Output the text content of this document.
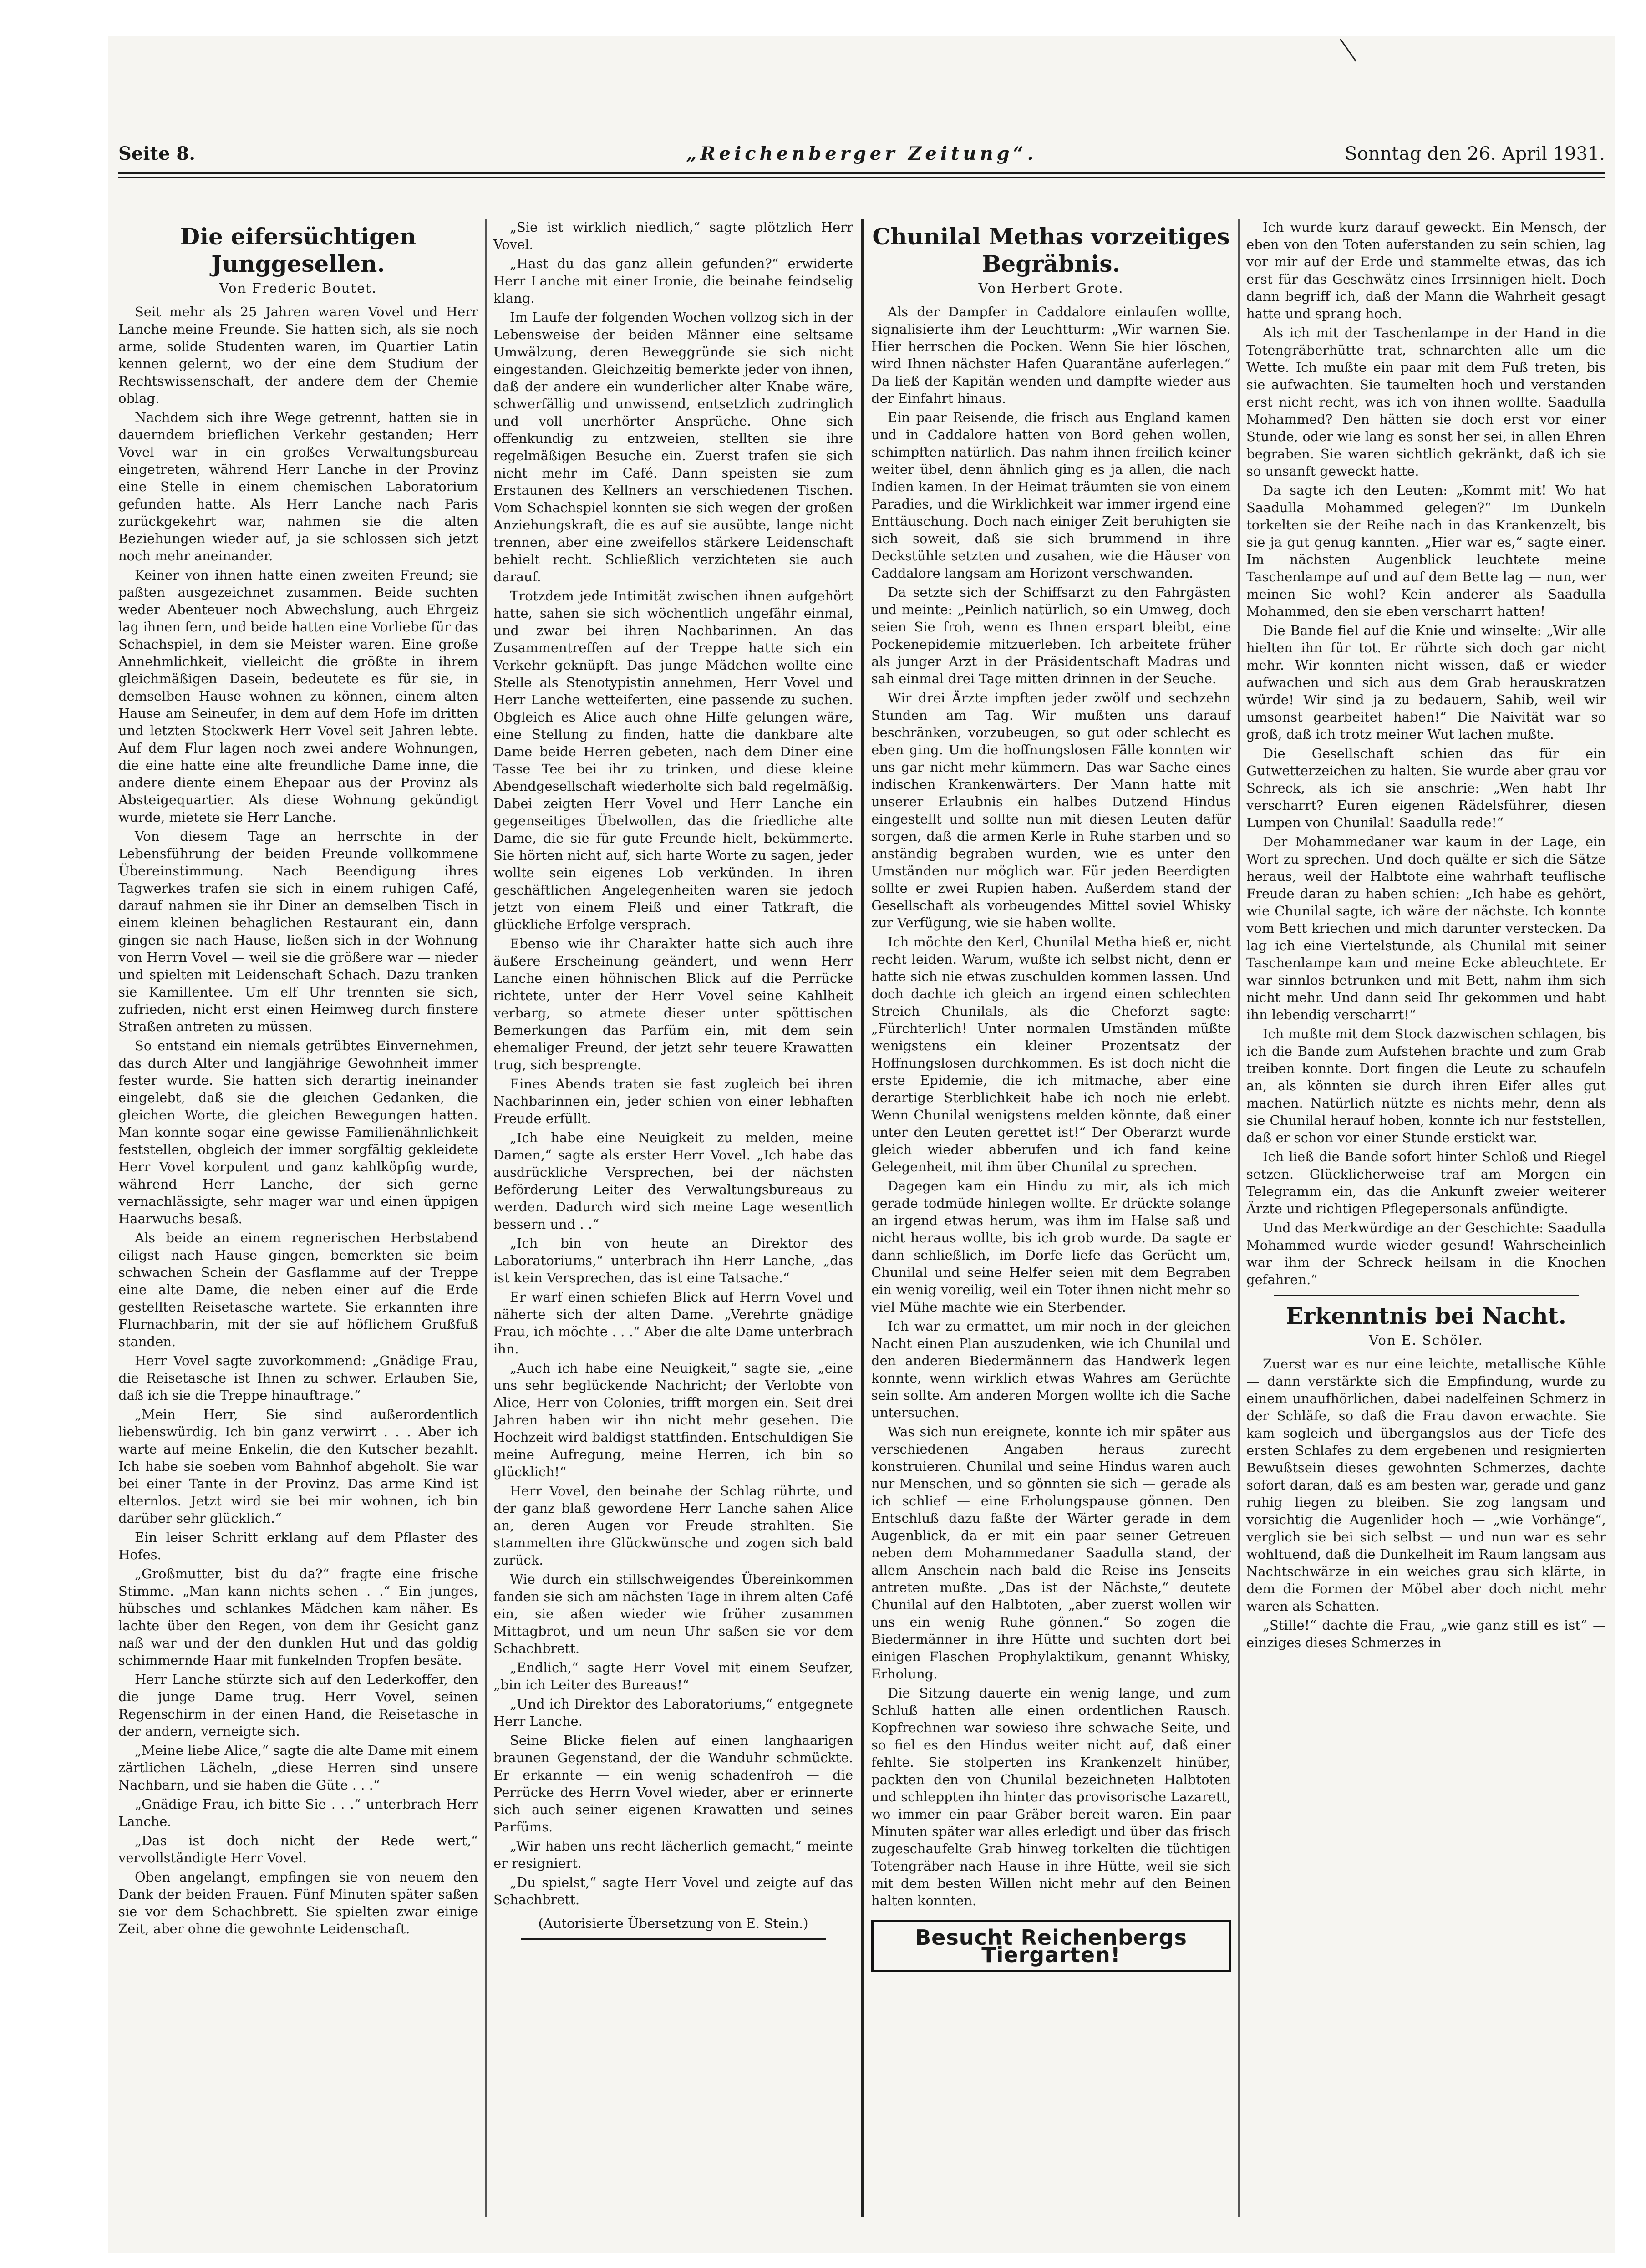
Seite 8.	„Reichenberger Zeitung“.	Sonntag den 26. April 1931.
Die eifersüchtigen Junggesellen.
Von Frederic Boutet.

Seit mehr als 25 Jahren waren Vovel und Herr Lanche meine Freunde. Sie hatten sich, als sie noch arme, solide Studenten waren, im Quartier Latin kennen gelernt, wo der eine dem Studium der Rechtswissenschaft, der andere dem der Chemie oblag.

Nachdem sich ihre Wege getrennt, hatten sie in dauerndem brieflichen Verkehr gestanden; Herr Vovel war in ein großes Verwaltungsbureau eingetreten, während Herr Lanche in der Provinz eine Stelle in einem chemischen Laboratorium gefunden hatte. Als Herr Lanche nach Paris zurückgekehrt war, nahmen sie die alten Beziehungen wieder auf, ja sie schlossen sich jetzt noch mehr aneinander.

Keiner von ihnen hatte einen zweiten Freund; sie paßten ausgezeichnet zusammen. Beide suchten weder Abenteuer noch Abwechslung, auch Ehrgeiz lag ihnen fern, und beide hatten eine Vorliebe für das Schachspiel, in dem sie Meister waren. Eine große Annehmlichkeit, vielleicht die größte in ihrem gleichmäßigen Dasein, bedeutete es für sie, in demselben Hause wohnen zu können, einem alten Hause am Seineufer, in dem auf dem Hofe im dritten und letzten Stockwerk Herr Vovel seit Jahren lebte. Auf dem Flur lagen noch zwei andere Wohnungen, die eine hatte eine alte freundliche Dame inne, die andere diente einem Ehepaar aus der Provinz als Absteigequartier. Als diese Wohnung gekündigt wurde, mietete sie Herr Lanche.

Von diesem Tage an herrschte in der Lebensführung der beiden Freunde vollkommene Übereinstimmung. Nach Beendigung ihres Tagwerkes trafen sie sich in einem ruhigen Café, darauf nahmen sie ihr Diner an demselben Tisch in einem kleinen behaglichen Restaurant ein, dann gingen sie nach Hause, ließen sich in der Wohnung von Herrn Vovel — weil sie die größere war — nieder und spielten mit Leidenschaft Schach. Dazu tranken sie Kamillentee. Um elf Uhr trennten sie sich, zufrieden, nicht erst einen Heimweg durch finstere Straßen antreten zu müssen.

So entstand ein niemals getrübtes Einvernehmen, das durch Alter und langjährige Gewohnheit immer fester wurde. Sie hatten sich derartig ineinander eingelebt, daß sie die gleichen Gedanken, die gleichen Worte, die gleichen Bewegungen hatten. Man konnte sogar eine gewisse Familienähnlichkeit feststellen, obgleich der immer sorgfältig gekleidete Herr Vovel korpulent und ganz kahlköpfig wurde, während Herr Lanche, der sich gerne vernachlässigte, sehr mager war und einen üppigen Haarwuchs besaß.

Als beide an einem regnerischen Herbstabend eiligst nach Hause gingen, bemerkten sie beim schwachen Schein der Gasflamme auf der Treppe eine alte Dame, die neben einer auf die Erde gestellten Reisetasche wartete. Sie erkannten ihre Flurnachbarin, mit der sie auf höflichem Grußfuß standen.

Herr Vovel sagte zuvorkommend: „Gnädige Frau, die Reisetasche ist Ihnen zu schwer. Erlauben Sie, daß ich sie die Treppe hinauftrage.“

„Mein Herr, Sie sind außerordentlich liebenswürdig. Ich bin ganz verwirrt . . . Aber ich warte auf meine Enkelin, die den Kutscher bezahlt. Ich habe sie soeben vom Bahnhof abgeholt. Sie war bei einer Tante in der Provinz. Das arme Kind ist elternlos. Jetzt wird sie bei mir wohnen, ich bin darüber sehr glücklich.“

Ein leiser Schritt erklang auf dem Pflaster des Hofes.

„Großmutter, bist du da?“ fragte eine frische Stimme. „Man kann nichts sehen . .“ Ein junges, hübsches und schlankes Mädchen kam näher. Es lachte über den Regen, von dem ihr Gesicht ganz naß war und der den dunklen Hut und das goldig schimmernde Haar mit funkelnden Tropfen besäte.

Herr Lanche stürzte sich auf den Lederkoffer, den die junge Dame trug. Herr Vovel, seinen Regenschirm in der einen Hand, die Reisetasche in der andern, verneigte sich.

„Meine liebe Alice,“ sagte die alte Dame mit einem zärtlichen Lächeln, „diese Herren sind unsere Nachbarn, und sie haben die Güte . . .“

„Gnädige Frau, ich bitte Sie . . .“ unterbrach Herr Lanche.

„Das ist doch nicht der Rede wert,“ vervollständigte Herr Vovel.

Oben angelangt, empfingen sie von neuem den Dank der beiden Frauen. Fünf Minuten später saßen sie vor dem Schachbrett. Sie spielten zwar einige Zeit, aber ohne die gewohnte Leidenschaft.

„Sie ist wirklich niedlich,“ sagte plötzlich Herr Vovel.

„Hast du das ganz allein gefunden?“ erwiderte Herr Lanche mit einer Ironie, die beinahe feindselig klang.

Im Laufe der folgenden Wochen vollzog sich in der Lebensweise der beiden Männer eine seltsame Umwälzung, deren Beweggründe sie sich nicht eingestanden. Gleichzeitig bemerkte jeder von ihnen, daß der andere ein wunderlicher alter Knabe wäre, schwerfällig und unwissend, entsetzlich zudringlich und voll unerhörter Ansprüche. Ohne sich offenkundig zu entzweien, stellten sie ihre regelmäßigen Besuche ein. Zuerst trafen sie sich nicht mehr im Café. Dann speisten sie zum Erstaunen des Kellners an verschiedenen Tischen. Vom Schachspiel konnten sie sich wegen der großen Anziehungskraft, die es auf sie ausübte, lange nicht trennen, aber eine zweifellos stärkere Leidenschaft behielt recht. Schließlich verzichteten sie auch darauf.

Trotzdem jede Intimität zwischen ihnen aufgehört hatte, sahen sie sich wöchentlich ungefähr einmal, und zwar bei ihren Nachbarinnen. An das Zusammentreffen auf der Treppe hatte sich ein Verkehr geknüpft. Das junge Mädchen wollte eine Stelle als Stenotypistin annehmen, Herr Vovel und Herr Lanche wetteiferten, eine passende zu suchen. Obgleich es Alice auch ohne Hilfe gelungen wäre, eine Stellung zu finden, hatte die dankbare alte Dame beide Herren gebeten, nach dem Diner eine Tasse Tee bei ihr zu trinken, und diese kleine Abendgesellschaft wiederholte sich bald regelmäßig. Dabei zeigten Herr Vovel und Herr Lanche ein gegenseitiges Übelwollen, das die friedliche alte Dame, die sie für gute Freunde hielt, bekümmerte. Sie hörten nicht auf, sich harte Worte zu sagen, jeder wollte sein eigenes Lob verkünden. In ihren geschäftlichen Angelegenheiten waren sie jedoch jetzt von einem Fleiß und einer Tatkraft, die glückliche Erfolge versprach.

Ebenso wie ihr Charakter hatte sich auch ihre äußere Erscheinung geändert, und wenn Herr Lanche einen höhnischen Blick auf die Perrücke richtete, unter der Herr Vovel seine Kahlheit verbarg, so atmete dieser unter spöttischen Bemerkungen das Parfüm ein, mit dem sein ehemaliger Freund, der jetzt sehr teuere Krawatten trug, sich besprengte.

Eines Abends traten sie fast zugleich bei ihren Nachbarinnen ein, jeder schien von einer lebhaften Freude erfüllt.

„Ich habe eine Neuigkeit zu melden, meine Damen,“ sagte als erster Herr Vovel. „Ich habe das ausdrückliche Versprechen, bei der nächsten Beförderung Leiter des Verwaltungsbureaus zu werden. Dadurch wird sich meine Lage wesentlich bessern und . .“

„Ich bin von heute an Direktor des Laboratoriums,“ unterbrach ihn Herr Lanche, „das ist kein Versprechen, das ist eine Tatsache.“

Er warf einen schiefen Blick auf Herrn Vovel und näherte sich der alten Dame. „Verehrte gnädige Frau, ich möchte . . .“ Aber die alte Dame unterbrach ihn.

„Auch ich habe eine Neuigkeit,“ sagte sie, „eine uns sehr beglückende Nachricht; der Verlobte von Alice, Herr von Colonies, trifft morgen ein. Seit drei Jahren haben wir ihn nicht mehr gesehen. Die Hochzeit wird baldigst stattfinden. Entschuldigen Sie meine Aufregung, meine Herren, ich bin so glücklich!“

Herr Vovel, den beinahe der Schlag rührte, und der ganz blaß gewordene Herr Lanche sahen Alice an, deren Augen vor Freude strahlten. Sie stammelten ihre Glückwünsche und zogen sich bald zurück.

Wie durch ein stillschweigendes Übereinkommen fanden sie sich am nächsten Tage in ihrem alten Café ein, sie aßen wieder wie früher zusammen Mittagbrot, und um neun Uhr saßen sie vor dem Schachbrett.

„Endlich,“ sagte Herr Vovel mit einem Seufzer, „bin ich Leiter des Bureaus!“

„Und ich Direktor des Laboratoriums,“ entgegnete Herr Lanche.

Seine Blicke fielen auf einen langhaarigen braunen Gegenstand, der die Wanduhr schmückte. Er erkannte — ein wenig schadenfroh — die Perrücke des Herrn Vovel wieder, aber er erinnerte sich auch seiner eigenen Krawatten und seines Parfüms.

„Wir haben uns recht lächerlich gemacht,“ meinte er resigniert.

„Du spielst,“ sagte Herr Vovel und zeigte auf das Schachbrett.

(Autorisierte Übersetzung von E. Stein.)
Chunilal Methas vorzeitiges Begräbnis.
Von Herbert Grote.

Als der Dampfer in Caddalore einlaufen wollte, signalisierte ihm der Leuchtturm: „Wir warnen Sie. Hier herrschen die Pocken. Wenn Sie hier löschen, wird Ihnen nächster Hafen Quarantäne auferlegen.“ Da ließ der Kapitän wenden und dampfte wieder aus der Einfahrt hinaus.

Ein paar Reisende, die frisch aus England kamen und in Caddalore hatten von Bord gehen wollen, schimpften natürlich. Das nahm ihnen freilich keiner weiter übel, denn ähnlich ging es ja allen, die nach Indien kamen. In der Heimat träumten sie von einem Paradies, und die Wirklichkeit war immer irgend eine Enttäuschung. Doch nach einiger Zeit beruhigten sie sich soweit, daß sie sich brummend in ihre Deckstühle setzten und zusahen, wie die Häuser von Caddalore langsam am Horizont verschwanden.

Da setzte sich der Schiffsarzt zu den Fahrgästen und meinte: „Peinlich natürlich, so ein Umweg, doch seien Sie froh, wenn es Ihnen erspart bleibt, eine Pockenepidemie mitzuerleben. Ich arbeitete früher als junger Arzt in der Präsidentschaft Madras und sah einmal drei Tage mitten drinnen in der Seuche.

Wir drei Ärzte impften jeder zwölf und sechzehn Stunden am Tag. Wir mußten uns darauf beschränken, vorzubeugen, so gut oder schlecht es eben ging. Um die hoffnungslosen Fälle konnten wir uns gar nicht mehr kümmern. Das war Sache eines indischen Krankenwärters. Der Mann hatte mit unserer Erlaubnis ein halbes Dutzend Hindus eingestellt und sollte nun mit diesen Leuten dafür sorgen, daß die armen Kerle in Ruhe starben und so anständig begraben wurden, wie es unter den Umständen nur möglich war. Für jeden Beerdigten sollte er zwei Rupien haben. Außerdem stand der Gesellschaft als vorbeugendes Mittel soviel Whisky zur Verfügung, wie sie haben wollte.

Ich möchte den Kerl, Chunilal Metha hieß er, nicht recht leiden. Warum, wußte ich selbst nicht, denn er hatte sich nie etwas zuschulden kommen lassen. Und doch dachte ich gleich an irgend einen schlechten Streich Chunilals, als die Cheforzt sagte: „Fürchterlich! Unter normalen Umständen müßte wenigstens ein kleiner Prozentsatz der Hoffnungslosen durchkommen. Es ist doch nicht die erste Epidemie, die ich mitmache, aber eine derartige Sterblichkeit habe ich noch nie erlebt. Wenn Chunilal wenigstens melden könnte, daß einer unter den Leuten gerettet ist!“ Der Oberarzt wurde gleich wieder abberufen und ich fand keine Gelegenheit, mit ihm über Chunilal zu sprechen.

Dagegen kam ein Hindu zu mir, als ich mich gerade todmüde hinlegen wollte. Er drückte solange an irgend etwas herum, was ihm im Halse saß und nicht heraus wollte, bis ich grob wurde. Da sagte er dann schließlich, im Dorfe liefe das Gerücht um, Chunilal und seine Helfer seien mit dem Begraben ein wenig voreilig, weil ein Toter ihnen nicht mehr so viel Mühe machte wie ein Sterbender.

Ich war zu ermattet, um mir noch in der gleichen Nacht einen Plan auszudenken, wie ich Chunilal und den anderen Biedermännern das Handwerk legen konnte, wenn wirklich etwas Wahres am Gerüchte sein sollte. Am anderen Morgen wollte ich die Sache untersuchen.

Was sich nun ereignete, konnte ich mir später aus verschiedenen Angaben heraus zurecht konstruieren. Chunilal und seine Hindus waren auch nur Menschen, und so gönnten sie sich — gerade als ich schlief — eine Erholungspause gönnen. Den Entschluß dazu faßte der Wärter gerade in dem Augenblick, da er mit ein paar seiner Getreuen neben dem Mohammedaner Saadulla stand, der allem Anschein nach bald die Reise ins Jenseits antreten mußte. „Das ist der Nächste,“ deutete Chunilal auf den Halbtoten, „aber zuerst wollen wir uns ein wenig Ruhe gönnen.“ So zogen die Biedermänner in ihre Hütte und suchten dort bei einigen Flaschen Prophylaktikum, genannt Whisky, Erholung.

Die Sitzung dauerte ein wenig lange, und zum Schluß hatten alle einen ordentlichen Rausch. Kopfrechnen war sowieso ihre schwache Seite, und so fiel es den Hindus weiter nicht auf, daß einer fehlte. Sie stolperten ins Krankenzelt hinüber, packten den von Chunilal bezeichneten Halbtoten und schleppten ihn hinter das provisorische Lazarett, wo immer ein paar Gräber bereit waren. Ein paar Minuten später war alles erledigt und über das frisch zugeschaufelte Grab hinweg torkelten die tüchtigen Totengräber nach Hause in ihre Hütte, weil sie sich mit dem besten Willen nicht mehr auf den Beinen halten konnten.

Besucht Reichenbergs Tiergarten!

Ich wurde kurz darauf geweckt. Ein Mensch, der eben von den Toten auferstanden zu sein schien, lag vor mir auf der Erde und stammelte etwas, das ich erst für das Geschwätz eines Irrsinnigen hielt. Doch dann begriff ich, daß der Mann die Wahrheit gesagt hatte und sprang hoch.

Als ich mit der Taschenlampe in der Hand in die Totengräberhütte trat, schnarchten alle um die Wette. Ich mußte ein paar mit dem Fuß treten, bis sie aufwachten. Sie taumelten hoch und verstanden erst nicht recht, was ich von ihnen wollte. Saadulla Mohammed? Den hätten sie doch erst vor einer Stunde, oder wie lang es sonst her sei, in allen Ehren begraben. Sie waren sichtlich gekränkt, daß ich sie so unsanft geweckt hatte.

Da sagte ich den Leuten: „Kommt mit! Wo hat Saadulla Mohammed gelegen?“ Im Dunkeln torkelten sie der Reihe nach in das Krankenzelt, bis sie ja gut genug kannten. „Hier war es,“ sagte einer. Im nächsten Augenblick leuchtete meine Taschenlampe auf und auf dem Bette lag — nun, wer meinen Sie wohl? Kein anderer als Saadulla Mohammed, den sie eben verscharrt hatten!

Die Bande fiel auf die Knie und winselte: „Wir alle hielten ihn für tot. Er rührte sich doch gar nicht mehr. Wir konnten nicht wissen, daß er wieder aufwachen und sich aus dem Grab herauskratzen würde! Wir sind ja zu bedauern, Sahib, weil wir umsonst gearbeitet haben!“ Die Naivität war so groß, daß ich trotz meiner Wut lachen mußte.

Die Gesellschaft schien das für ein Gutwetterzeichen zu halten. Sie wurde aber grau vor Schreck, als ich sie anschrie: „Wen habt Ihr verscharrt? Euren eigenen Rädelsführer, diesen Lumpen von Chunilal! Saadulla rede!“

Der Mohammedaner war kaum in der Lage, ein Wort zu sprechen. Und doch quälte er sich die Sätze heraus, weil der Halbtote eine wahrhaft teuflische Freude daran zu haben schien: „Ich habe es gehört, wie Chunilal sagte, ich wäre der nächste. Ich konnte vom Bett kriechen und mich darunter verstecken. Da lag ich eine Viertelstunde, als Chunilal mit seiner Taschenlampe kam und meine Ecke ableuchtete. Er war sinnlos betrunken und mit Bett, nahm ihm sich nicht mehr. Und dann seid Ihr gekommen und habt ihn lebendig verscharrt!“

Ich mußte mit dem Stock dazwischen schlagen, bis ich die Bande zum Aufstehen brachte und zum Grab treiben konnte. Dort fingen die Leute zu schaufeln an, als könnten sie durch ihren Eifer alles gut machen. Natürlich nützte es nichts mehr, denn als sie Chunilal herauf hoben, konnte ich nur feststellen, daß er schon vor einer Stunde erstickt war.

Ich ließ die Bande sofort hinter Schloß und Riegel setzen. Glücklicherweise traf am Morgen ein Telegramm ein, das die Ankunft zweier weiterer Ärzte und richtigen Pflegepersonals anfündigte.

Und das Merkwürdige an der Geschichte: Saadulla Mohammed wurde wieder gesund! Wahrscheinlich war ihm der Schreck heilsam in die Knochen gefahren.“

Erkenntnis bei Nacht.
Von E. Schöler.

Zuerst war es nur eine leichte, metallische Kühle — dann verstärkte sich die Empfindung, wurde zu einem unaufhörlichen, dabei nadelfeinen Schmerz in der Schläfe, so daß die Frau davon erwachte. Sie kam sogleich und übergangslos aus der Tiefe des ersten Schlafes zu dem ergebenen und resignierten Bewußtsein dieses gewohnten Schmerzes, dachte sofort daran, daß es am besten war, gerade und ganz ruhig liegen zu bleiben. Sie zog langsam und vorsichtig die Augenlider hoch — „wie Vorhänge“, verglich sie bei sich selbst — und nun war es sehr wohltuend, daß die Dunkelheit im Raum langsam aus Nachtschwärze in ein weiches grau sich klärte, in dem die Formen der Möbel aber doch nicht mehr waren als Schatten.

„Stille!“ dachte die Frau, „wie ganz still es ist“ — einziges dieses Schmerzes in
